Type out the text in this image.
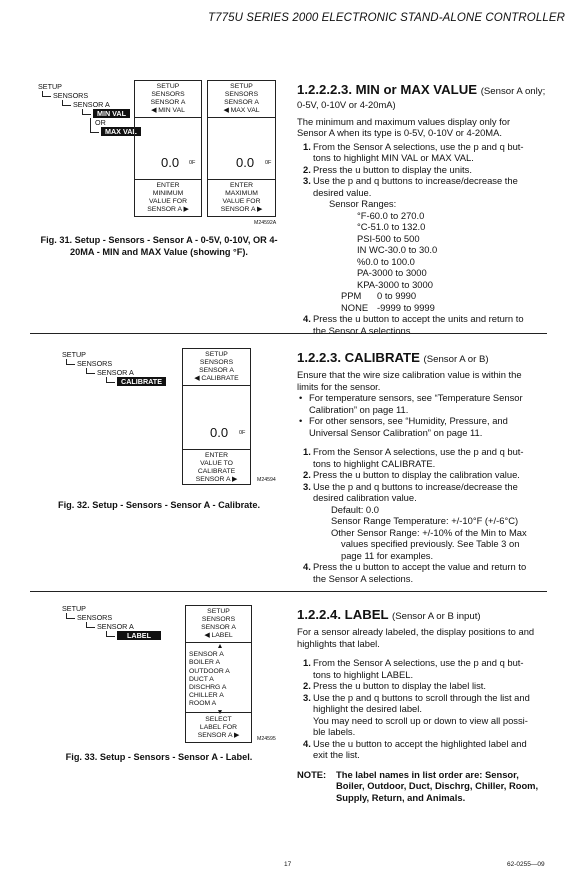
T775U SERIES 2000 ELECTRONIC STAND-ALONE CONTROLLER
SETUP
SENSORS
SENSOR A
MIN VAL
OR
MAX VAL
SETUP
SENSORS
SENSOR A
◀ MIN VAL
0.0 0F
ENTER
MINIMUM
VALUE FOR
SENSOR A ▶
SETUP
SENSORS
SENSOR A
◀ MAX VAL
0.0 0F
ENTER
MAXIMUM
VALUE FOR
SENSOR A ▶
M24592A
Fig. 31. Setup - Sensors - Sensor A - 0-5V, 0-10V, OR 4-
20MA - MIN and MAX Value (showing °F).
1.2.2.2.3. MIN or MAX VALUE (Sensor A only;
0-5V, 0-10V or 4-20mA)
The minimum and maximum values display only for
Sensor A when its type is 0-5V, 0-10V or 4-20MA.
1. From the Sensor A selections, use the p and q but-
tons to highlight MIN VAL or MAX VAL.
2. Press the u button to display the units.
3. Use the p and q buttons to increase/decrease the
desired value.
Sensor Ranges:
°F-60.0 to 270.0
°C-51.0 to 132.0
PSI-500 to 500
IN WC-30.0 to 30.0
%0.0 to 100.0
PA-3000 to 3000
KPA-3000 to 3000
PPM 0 to 9990
NONE -9999 to 9999
4. Press the u button to accept the units and return to
the Sensor A selections.
SETUP
SENSORS
SENSOR A
CALIBRATE
SETUP
SENSORS
SENSOR A
◀ CALIBRATE
0.0 0F
ENTER
VALUE TO
CALIBRATE
SENSOR A ▶	M24594
Fig. 32. Setup - Sensors - Sensor A - Calibrate.
1.2.2.3. CALIBRATE (Sensor A or B)
Ensure that the wire size calibration value is within the
limits for the sensor.
• For temperature sensors, see “Temperature Sensor
Calibration” on page 11.
• For other sensors, see “Humidity, Pressure, and
Universal Sensor Calibration” on page 11.
1. From the Sensor A selections, use the p and q but-
tons to highlight CALIBRATE.
2. Press the u button to display the calibration value.
3. Use the p and q buttons to increase/decrease the
desired calibration value.
Default: 0.0
Sensor Range Temperature: +/-10°F (+/-6°C)
Other Sensor Range: +/-10% of the Min to Max
values specified previously. See Table 3 on
page 11 for examples.
4. Press the u button to accept the value and return to
the Sensor A selections.
SETUP
SENSORS
SENSOR A
LABEL
SETUP
SENSORS
SENSOR A
◀ LABEL
▲
SENSOR A
BOILER A
OUTDOOR A
DUCT A
DISCHRG A
CHILLER A
ROOM A
▼
SELECT
LABEL FOR
SENSOR A ▶	M24595
Fig. 33. Setup - Sensors - Sensor A - Label.
1.2.2.4. LABEL (Sensor A or B input)
For a sensor already labeled, the display positions to and
highlights that label.
1. From the Sensor A selections, use the p and q but-
tons to highlight LABEL.
2. Press the u button to display the label list.
3. Use the p and q buttons to scroll through the list and
highlight the desired label.
You may need to scroll up or down to view all possi-
ble labels.
4. Use the u button to accept the highlighted label and
exit the list.
NOTE: The label names in list order are: Sensor,
Boiler, Outdoor, Duct, Dischrg, Chiller, Room,
Supply, Return, and Animals.
17	62-0255—09
